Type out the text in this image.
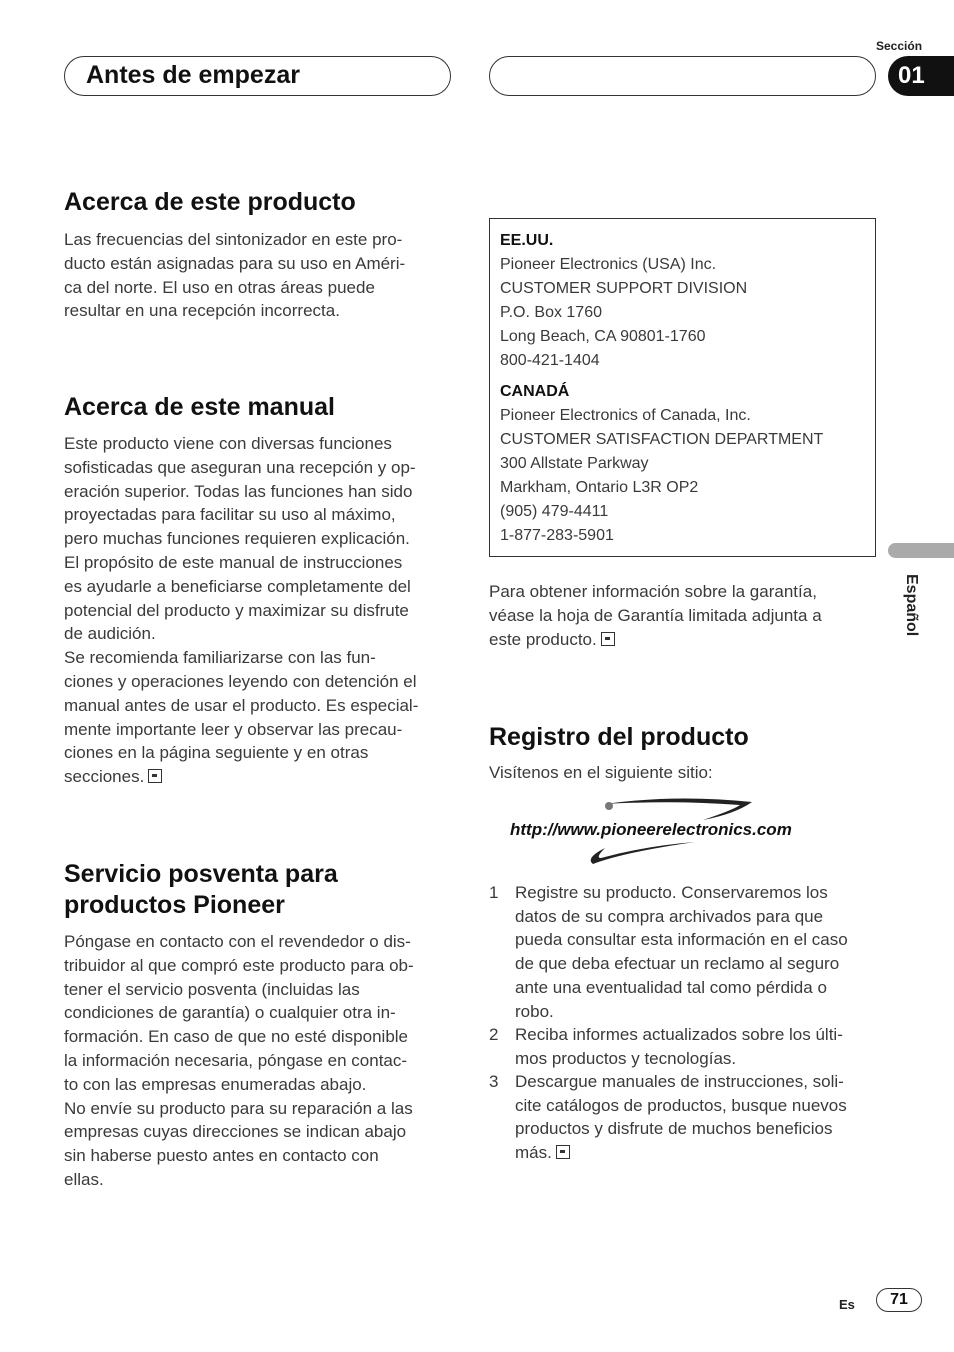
Antes de empezar
Sección
01
Acerca de este producto
Las frecuencias del sintonizador en este pro-
ducto están asignadas para su uso en Améri-
ca del norte. El uso en otras áreas puede
resultar en una recepción incorrecta.
Acerca de este manual
Este producto viene con diversas funciones
sofisticadas que aseguran una recepción y op-
eración superior. Todas las funciones han sido
proyectadas para facilitar su uso al máximo,
pero muchas funciones requieren explicación.
El propósito de este manual de instrucciones
es ayudarle a beneficiarse completamente del
potencial del producto y maximizar su disfrute
de audición.
Se recomienda familiarizarse con las fun-
ciones y operaciones leyendo con detención el
manual antes de usar el producto. Es especial-
mente importante leer y observar las precau-
ciones en la página seguiente y en otras
secciones.
Servicio posventa para
productos Pioneer
Póngase en contacto con el revendedor o dis-
tribuidor al que compró este producto para ob-
tener el servicio posventa (incluidas las
condiciones de garantía) o cualquier otra in-
formación. En caso de que no esté disponible
la información necesaria, póngase en contac-
to con las empresas enumeradas abajo.
No envíe su producto para su reparación a las
empresas cuyas direcciones se indican abajo
sin haberse puesto antes en contacto con
ellas.
EE.UU.
Pioneer Electronics (USA) Inc.
CUSTOMER SUPPORT DIVISION
P.O. Box 1760
Long Beach, CA 90801-1760
800-421-1404
CANADÁ
Pioneer Electronics of Canada, Inc.
CUSTOMER SATISFACTION DEPARTMENT
300 Allstate Parkway
Markham, Ontario L3R OP2
(905) 479-4411
1-877-283-5901
Para obtener información sobre la garantía,
véase la hoja de Garantía limitada adjunta a
este producto.
Registro del producto
Visítenos en el siguiente sitio:
http://www.pioneerelectronics.com
1 Registre su producto. Conservaremos los
datos de su compra archivados para que
pueda consultar esta información en el caso
de que deba efectuar un reclamo al seguro
ante una eventualidad tal como pérdida o
robo.
2 Reciba informes actualizados sobre los últi-
mos productos y tecnologías.
3 Descargue manuales de instrucciones, soli-
cite catálogos de productos, busque nuevos
productos y disfrute de muchos beneficios
más.
Español
Es	71
